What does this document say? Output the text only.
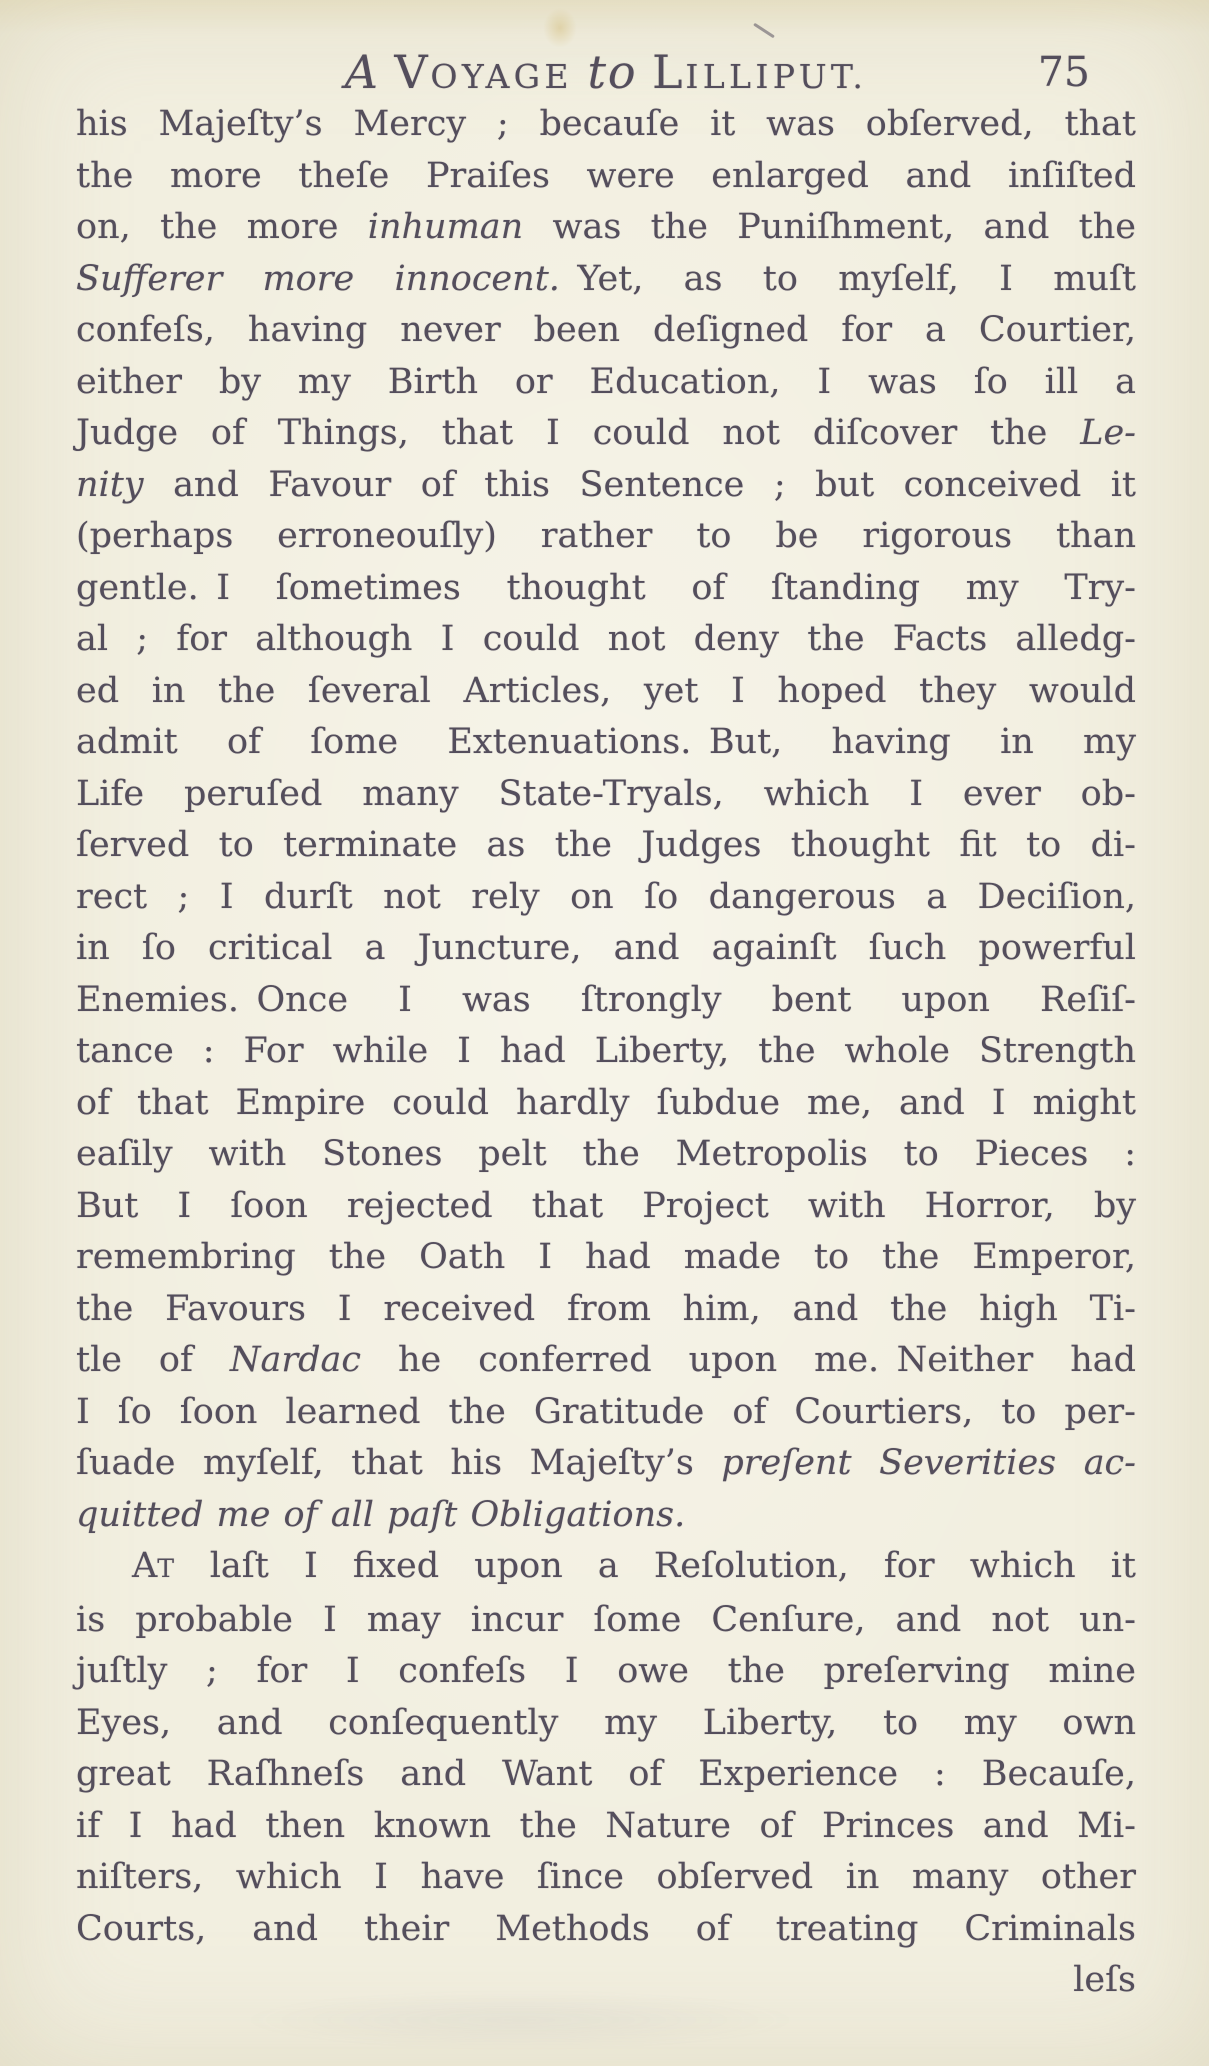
A VOYAGE to LILLIPUT.	75
his Majeſty’s Mercy ; becauſe it was obſerved, that
the more theſe Praiſes were enlarged and inſiſted
on, the more inhuman was the Puniſhment, and the
Sufferer more innocent. Yet, as to myſelf, I muſt
confeſs, having never been deſigned for a Courtier,
either by my Birth or Education, I was ſo ill a
Judge of Things, that I could not diſcover the Le-
nity and Favour of this Sentence ; but conceived it
(perhaps erroneouſly) rather to be rigorous than
gentle. I ſometimes thought of ſtanding my Try-
al ; for although I could not deny the Facts alledg-
ed in the ſeveral Articles, yet I hoped they would
admit of ſome Extenuations. But, having in my
Life peruſed many State-Tryals, which I ever ob-
ſerved to terminate as the Judges thought fit to di-
rect ; I durſt not rely on ſo dangerous a Deciſion,
in ſo critical a Juncture, and againſt ſuch powerful
Enemies. Once I was ſtrongly bent upon Reſiſ-
tance : For while I had Liberty, the whole Strength
of that Empire could hardly ſubdue me, and I might
eaſily with Stones pelt the Metropolis to Pieces :
But I ſoon rejected that Project with Horror, by
remembring the Oath I had made to the Emperor,
the Favours I received from him, and the high Ti-
tle of Nardac he conferred upon me. Neither had
I ſo ſoon learned the Gratitude of Courtiers, to per-
ſuade myſelf, that his Majeſty’s preſent Severities ac-
quitted me of all paſt Obligations.
AT laſt I fixed upon a Reſolution, for which it
is probable I may incur ſome Cenſure, and not un-
juſtly ; for I confeſs I owe the preſerving mine
Eyes, and conſequently my Liberty, to my own
great Raſhneſs and Want of Experience : Becauſe,
if I had then known the Nature of Princes and Mi-
niſters, which I have ſince obſerved in many other
Courts, and their Methods of treating Criminals
leſs
